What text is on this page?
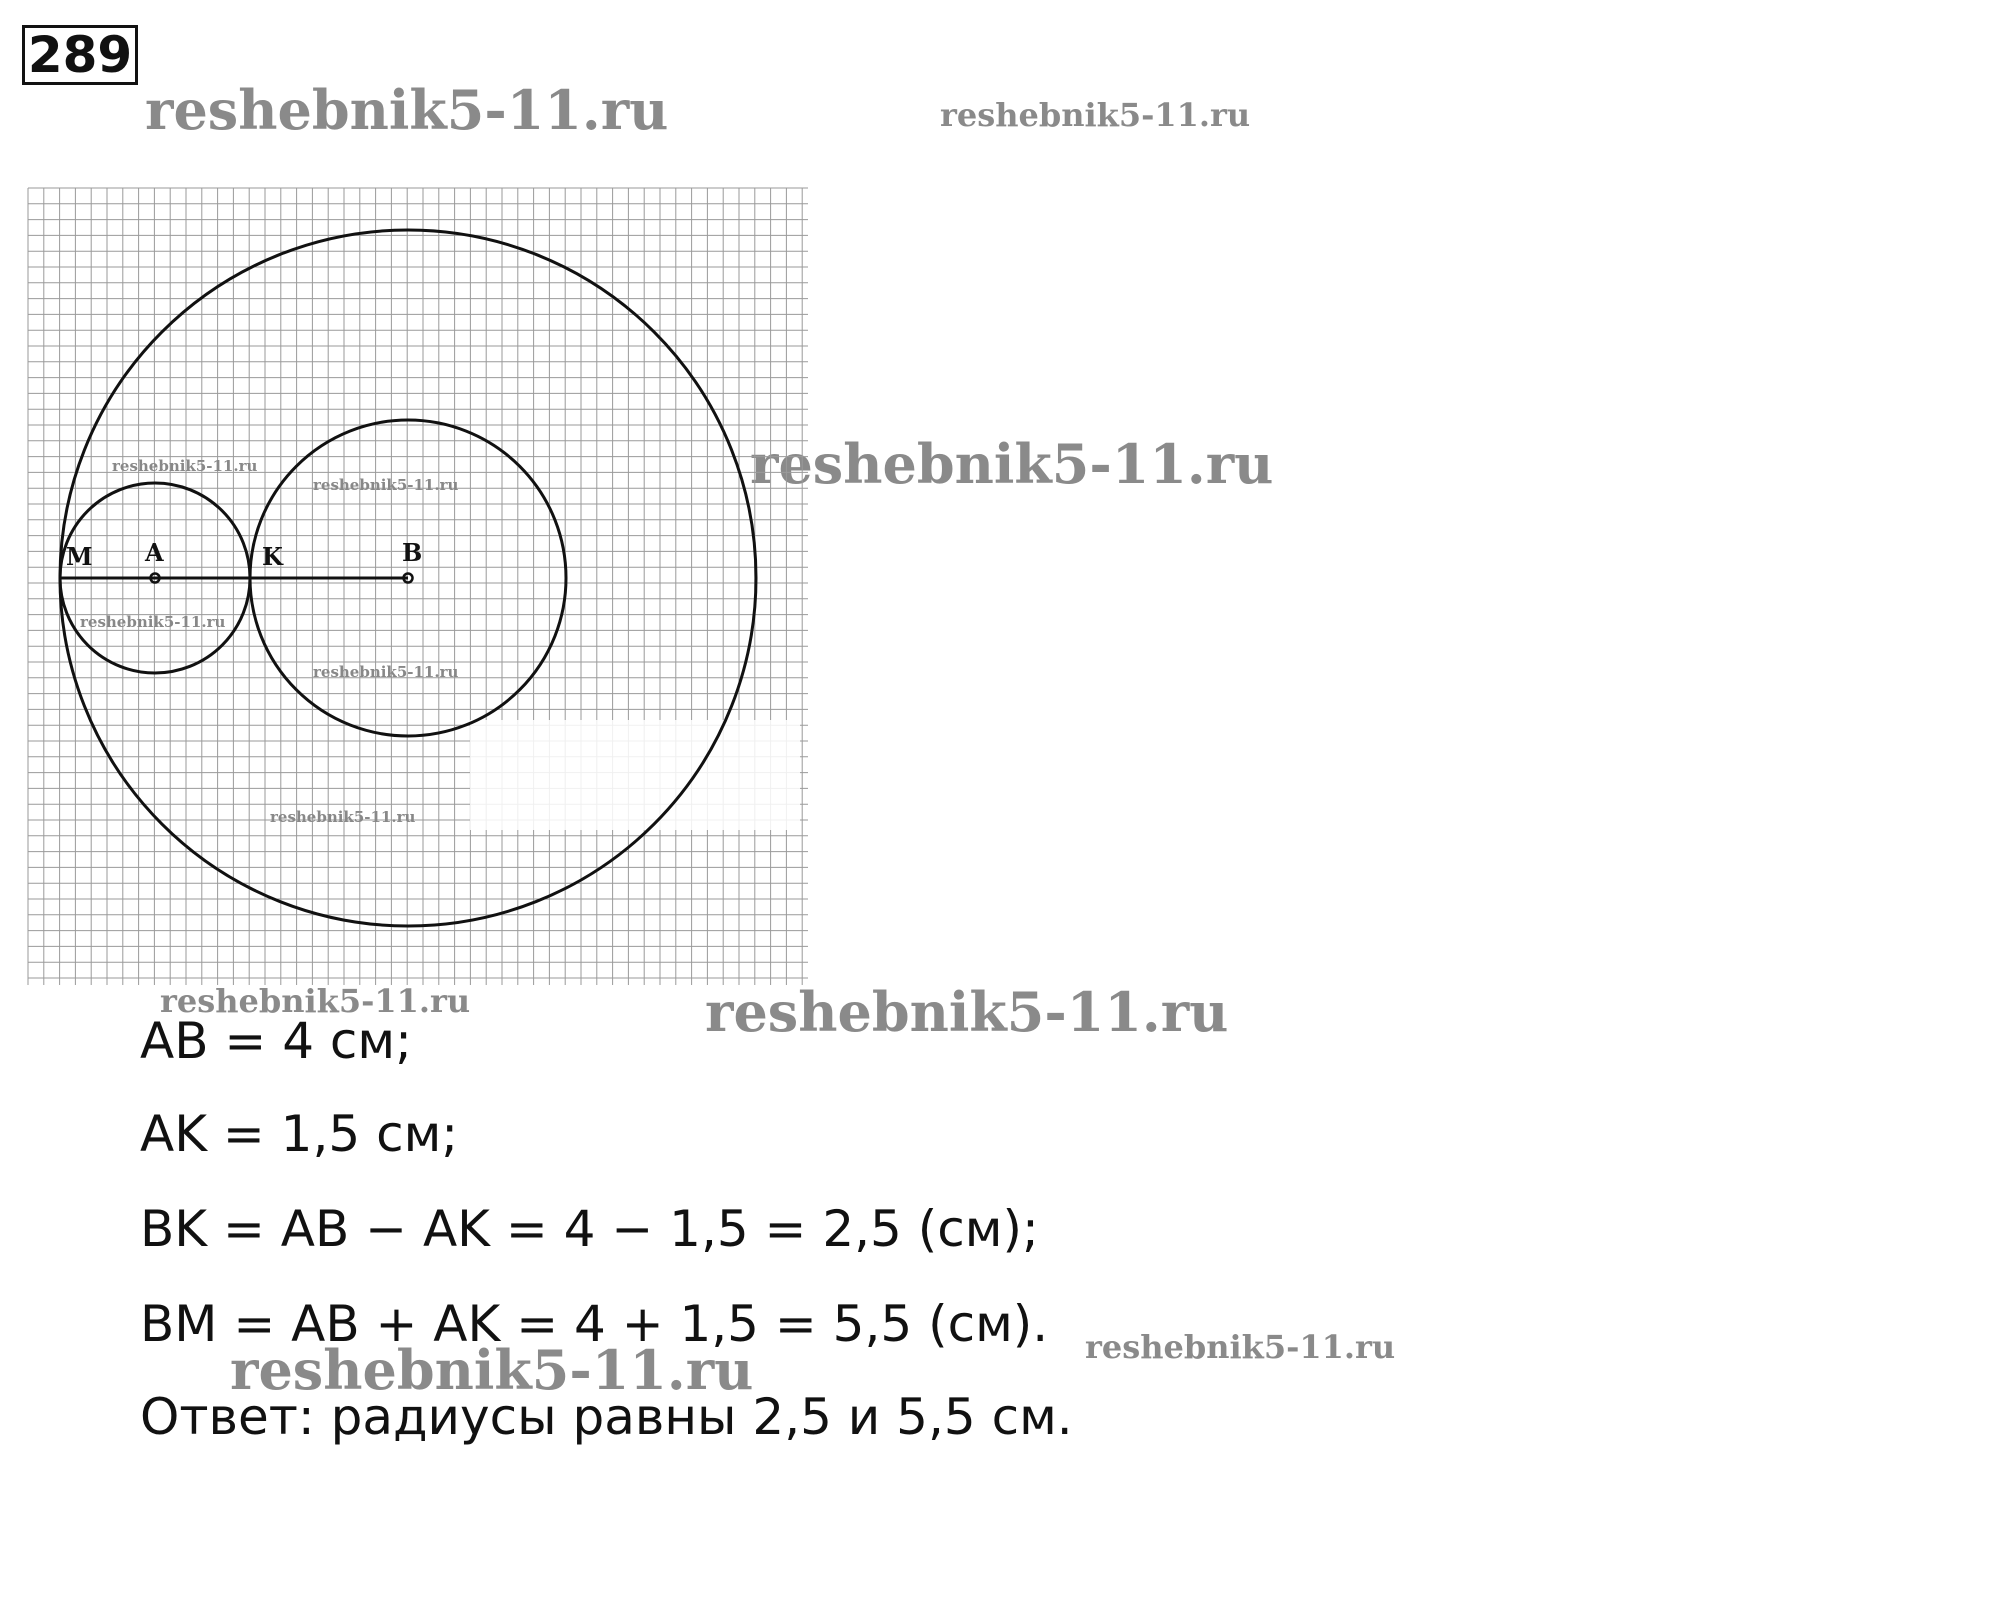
289
reshebnik5-11.ru	reshebnik5-11.ru
reshebnik5-11.ru
reshebnik5-11.ru	reshebnik5-11.ru
reshebnik5-11.ru
reshebnik5-11.ru
M A	K	B
reshebnik5-11.ru
reshebnik5-11.ru
reshebnik5-11.ru
reshebnik5-11.ru
reshebnik5-11.ru
AB = 4 см;
AK = 1,5 см;
BK = AB − AK = 4 − 1,5 = 2,5 (см);
BM = AB + AK = 4 + 1,5 = 5,5 (см).
Ответ: радиусы равны 2,5 и 5,5 см.
